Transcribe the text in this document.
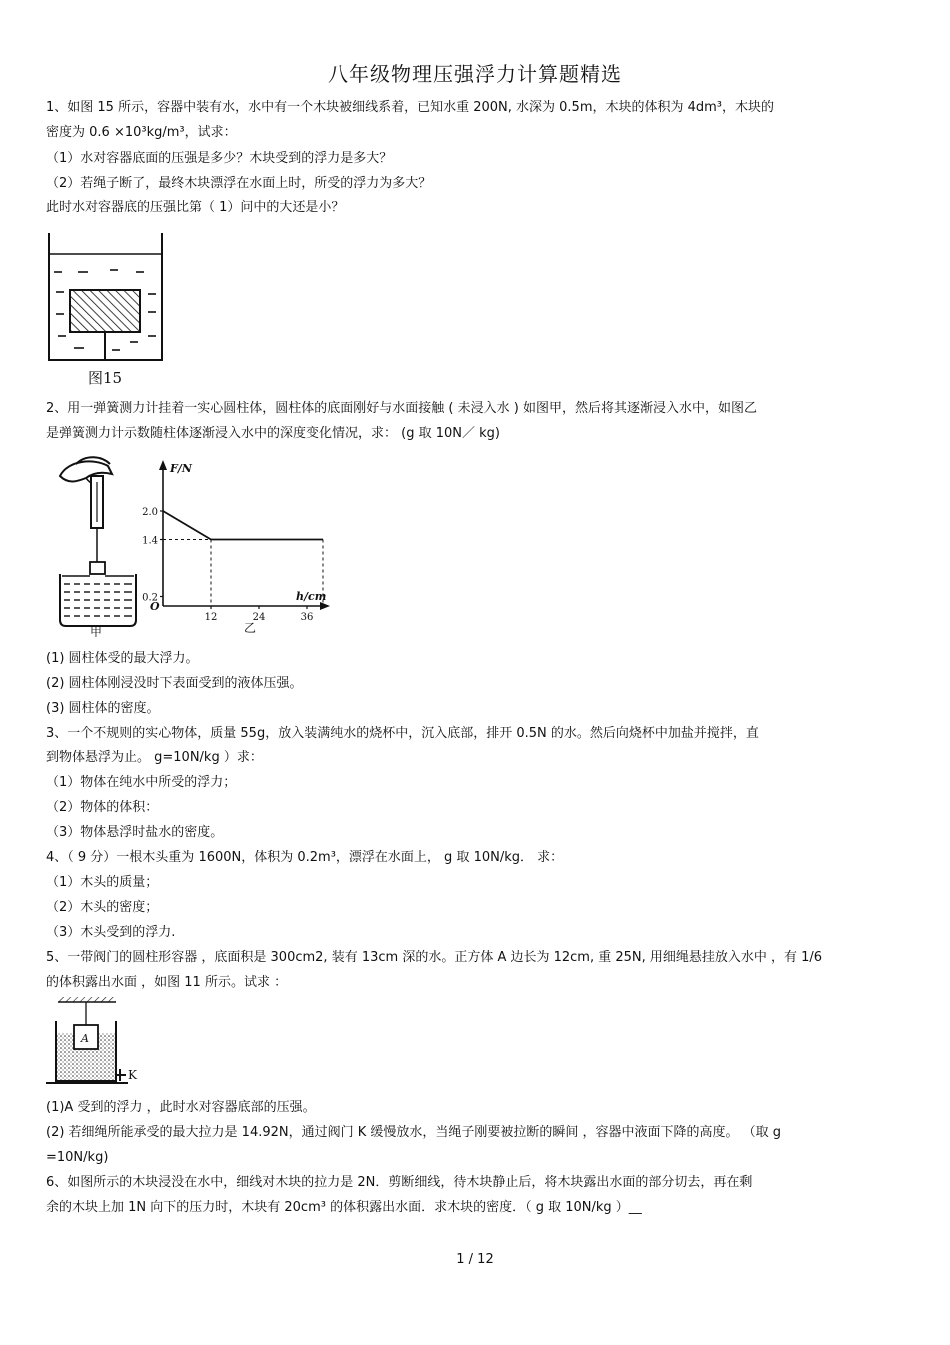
八年级物理压强浮力计算题精选
1、如图 15 所示，容器中装有水，水中有一个木块被细线系着，已知水重 200N, 水深为 0.5m，木块的体积为 4dm³，木块的
密度为 0.6 ×10³kg/m³，试求：
（1）水对容器底面的压强是多少？木块受到的浮力是多大？
（2）若绳子断了，最终木块漂浮在水面上时，所受的浮力为多大？
此时水对容器底的压强比第（ 1）问中的大还是小？
图15
2、用一弹簧测力计挂着一实心圆柱体，圆柱体的底面刚好与水面接触 ( 未浸入水 ) 如图甲，然后将其逐渐浸入水中，如图乙
是弹簧测力计示数随柱体逐渐浸入水中的深度变化情况，求： (g 取 10N／ kg)
甲
F/N
h/cm
O
2.0
1.4
0.2
12	24	36
乙
(1) 圆柱体受的最大浮力。
(2) 圆柱体刚浸没时下表面受到的液体压强。
(3) 圆柱体的密度。
3、一个不规则的实心物体，质量 55g，放入装满纯水的烧杯中，沉入底部，排开 0.5N 的水。然后向烧杯中加盐并搅拌，直
到物体悬浮为止。 g=10N/kg ）求：
（1）物体在纯水中所受的浮力；
（2）物体的体积：
（3）物体悬浮时盐水的密度。
4、（ 9 分）一根木头重为 1600N，体积为 0.2m³，漂浮在水面上， g 取 10N/kg． 求：
（1）木头的质量；
（2）木头的密度；
（3）木头受到的浮力.
5、一带阀门的圆柱形容器 ，底面积是 300cm2, 装有 13cm 深的水。正方体 A 边长为 12cm, 重 25N, 用细绳悬挂放入水中 ，有 1/6
的体积露出水面 ，如图 11 所示。试求 ：
A
K
(1)A 受到的浮力 ，此时水对容器底部的压强。
(2) 若细绳所能承受的最大拉力是 14.92N，通过阀门 K 缓慢放水，当绳子刚要被拉断的瞬间 ，容器中液面下降的高度。 （取 g
=10N/kg)
6、如图所示的木块浸没在水中，细线对木块的拉力是 2N．剪断细线，待木块静止后，将木块露出水面的部分切去，再在剩
余的木块上加 1N 向下的压力时，木块有 20cm³ 的体积露出水面．求木块的密度．（ g 取 10N/kg ）__
1 / 12
